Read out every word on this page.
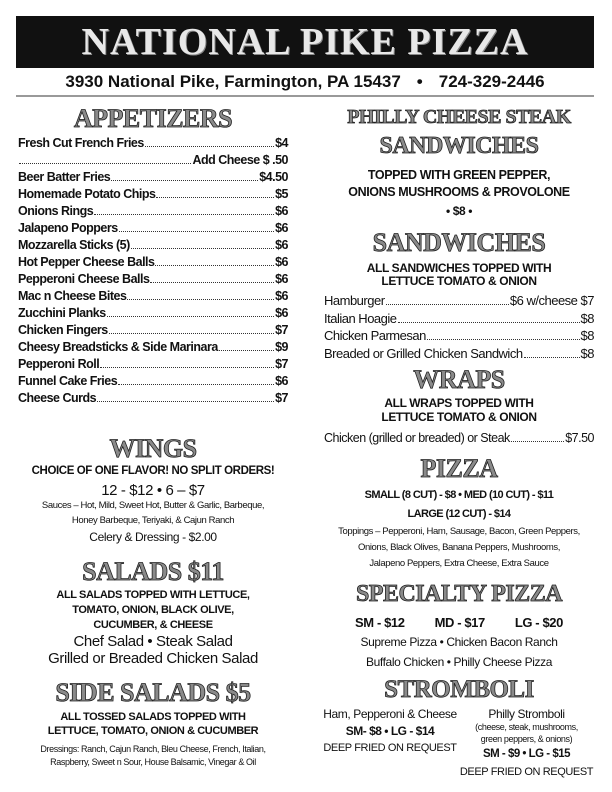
NATIONAL PIKE PIZZA
3930 National Pike, Farmington, PA 15437 • 724-329-2446
APPETIZERS
Fresh Cut French Fries	$4
Add Cheese $ .50
Beer Batter Fries	$4.50
Homemade Potato Chips	$5
Onions Rings	$6
Jalapeno Poppers	$6
Mozzarella Sticks (5)	$6
Hot Pepper Cheese Balls	$6
Pepperoni Cheese Balls	$6
Mac n Cheese Bites	$6
Zucchini Planks	$6
Chicken Fingers	$7
Cheesy Breadsticks & Side Marinara	$9
Pepperoni Roll	$7
Funnel Cake Fries	$6
Cheese Curds	$7
WINGS
CHOICE OF ONE FLAVOR! NO SPLIT ORDERS!
12 - $12 • 6 – $7
Sauces – Hot, Mild, Sweet Hot, Butter & Garlic, Barbeque,
Honey Barbeque, Teriyaki, & Cajun Ranch
Celery & Dressing - $2.00
SALADS $11
ALL SALADS TOPPED WITH LETTUCE,
TOMATO, ONION, BLACK OLIVE,
CUCUMBER, & CHEESE
Chef Salad • Steak Salad
Grilled or Breaded Chicken Salad
SIDE SALADS $5
ALL TOSSED SALADS TOPPED WITH
LETTUCE, TOMATO, ONION & CUCUMBER
Dressings: Ranch, Cajun Ranch, Bleu Cheese, French, Italian,
Raspberry, Sweet n Sour, House Balsamic, Vinegar & Oil
PHILLY CHEESE STEAK
SANDWICHES
TOPPED WITH GREEN PEPPER,
ONIONS MUSHROOMS & PROVOLONE
• $8 •
SANDWICHES
ALL SANDWICHES TOPPED WITH
LETTUCE TOMATO & ONION
Hamburger	$6 w/cheese $7
Italian Hoagie	$8
Chicken Parmesan	$8
Breaded or Grilled Chicken Sandwich	$8
WRAPS
ALL WRAPS TOPPED WITH
LETTUCE TOMATO & ONION
Chicken (grilled or breaded) or Steak	$7.50
PIZZA
SMALL (8 CUT) - $8 • MED (10 CUT) - $11
LARGE (12 CUT) - $14
Toppings – Pepperoni, Ham, Sausage, Bacon, Green Peppers,
Onions, Black Olives, Banana Peppers, Mushrooms,
Jalapeno Peppers, Extra Cheese, Extra Sauce
SPECIALTY PIZZA
SM - $12 MD - $17 LG - $20
Supreme Pizza • Chicken Bacon Ranch
Buffalo Chicken • Philly Cheese Pizza
STROMBOLI
Ham, Pepperoni & Cheese
SM- $8 • LG - $14
DEEP FRIED ON REQUEST
Philly Stromboli
(cheese, steak, mushrooms,
green peppers, & onions)
SM - $9 • LG - $15
DEEP FRIED ON REQUEST
